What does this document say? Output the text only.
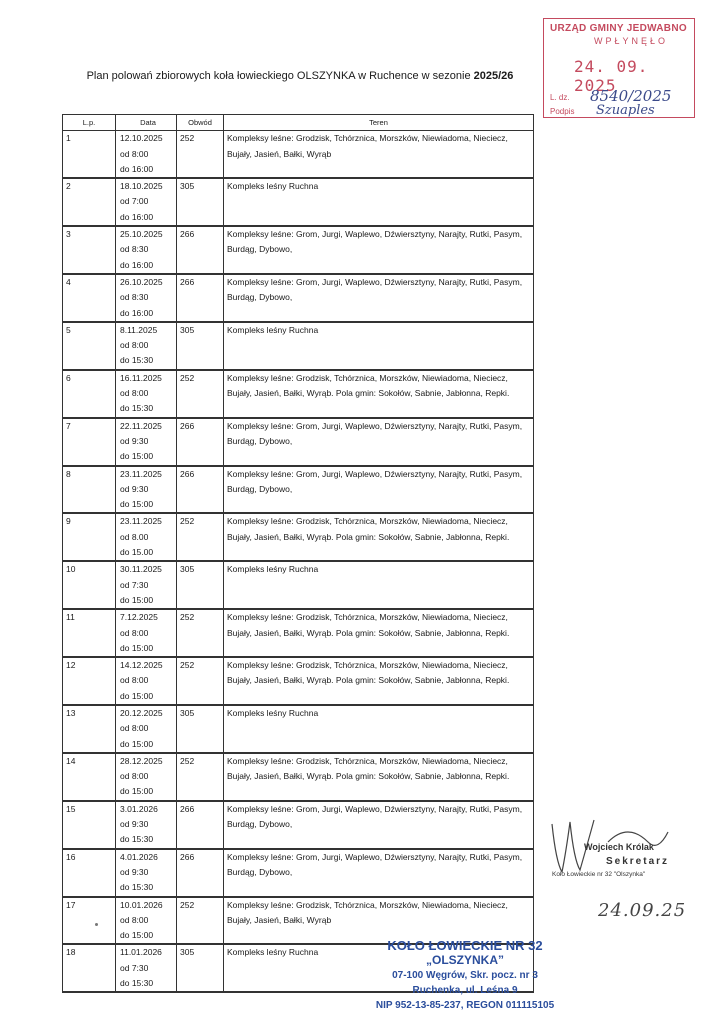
URZĄD GMINY JEDWABNO
WPŁYNĘŁO
24. 09. 2025
L. dz. 8540/2025
Podpis Szuaples
Plan polowań zbiorowych koła łowieckiego OLSZYNKA w Ruchence w sezonie 2025/26
L.p.	Data	Obwód	Teren
1	12.10.2025
od 8:00
do 16:00	252	Kompleksy leśne: Grodzisk, Tchórznica, Morszków, Niewiadoma, Nieciecz, Bujały, Jasień, Bałki, Wyrąb
2	18.10.2025
od 7:00
do 16:00	305	Kompleks leśny Ruchna
3	25.10.2025
od 8:30
do 16:00	266	Kompleksy leśne: Grom, Jurgi, Waplewo, Dźwiersztyny, Narajty, Rutki, Pasym, Burdąg, Dybowo,
4	26.10.2025
od 8:30
do 16:00	266	Kompleksy leśne: Grom, Jurgi, Waplewo, Dźwiersztyny, Narajty, Rutki, Pasym, Burdąg, Dybowo,
5	8.11.2025
od 8:00
do 15:30	305	Kompleks leśny Ruchna
6	16.11.2025
od 8:00
do 15:30	252	Kompleksy leśne: Grodzisk, Tchórznica, Morszków, Niewiadoma, Nieciecz, Bujały, Jasień, Bałki, Wyrąb. Pola gmin: Sokołów, Sabnie, Jabłonna, Repki.
7	22.11.2025
od 9:30
do 15:00	266	Kompleksy leśne: Grom, Jurgi, Waplewo, Dźwiersztyny, Narajty, Rutki, Pasym, Burdąg, Dybowo,
8	23.11.2025
od 9:30
do 15:00	266	Kompleksy leśne: Grom, Jurgi, Waplewo, Dźwiersztyny, Narajty, Rutki, Pasym, Burdąg, Dybowo,
9	23.11.2025
od 8.00
do 15.00	252	Kompleksy leśne: Grodzisk, Tchórznica, Morszków, Niewiadoma, Nieciecz, Bujały, Jasień, Bałki, Wyrąb. Pola gmin: Sokołów, Sabnie, Jabłonna, Repki.
10	30.11.2025
od 7:30
do 15:00	305	Kompleks leśny Ruchna
11	7.12.2025
od 8:00
do 15:00	252	Kompleksy leśne: Grodzisk, Tchórznica, Morszków, Niewiadoma, Nieciecz, Bujały, Jasień, Bałki, Wyrąb. Pola gmin: Sokołów, Sabnie, Jabłonna, Repki.
12	14.12.2025
od 8:00
do 15:00	252	Kompleksy leśne: Grodzisk, Tchórznica, Morszków, Niewiadoma, Nieciecz, Bujały, Jasień, Bałki, Wyrąb. Pola gmin: Sokołów, Sabnie, Jabłonna, Repki.
13	20.12.2025
od 8:00
do 15:00	305	Kompleks leśny Ruchna
14	28.12.2025
od 8:00
do 15:00	252	Kompleksy leśne: Grodzisk, Tchórznica, Morszków, Niewiadoma, Nieciecz, Bujały, Jasień, Bałki, Wyrąb. Pola gmin: Sokołów, Sabnie, Jabłonna, Repki.
15	3.01.2026
od 9:30
do 15:30	266	Kompleksy leśne: Grom, Jurgi, Waplewo, Dźwiersztyny, Narajty, Rutki, Pasym, Burdąg, Dybowo,
16	4.01.2026
od 9:30
do 15:30	266	Kompleksy leśne: Grom, Jurgi, Waplewo, Dźwiersztyny, Narajty, Rutki, Pasym, Burdąg, Dybowo,
17	10.01.2026
od 8:00
do 15:00	252	Kompleksy leśne: Grodzisk, Tchórznica, Morszków, Niewiadoma, Nieciecz, Bujały, Jasień, Bałki, Wyrąb
18	11.01.2026
od 7:30
do 15:30	305	Kompleks leśny Ruchna
Wojciech Królak
Sekretarz
Koło Łowieckie nr 32 "Olszynka"
24.09.25
KOŁO ŁOWIECKIE NR 32
„OLSZYNKA”
07-100 Węgrów, Skr. pocz. nr 3
Ruchenka, ul. Leśna 9
NIP 952-13-85-237, REGON 011115105
